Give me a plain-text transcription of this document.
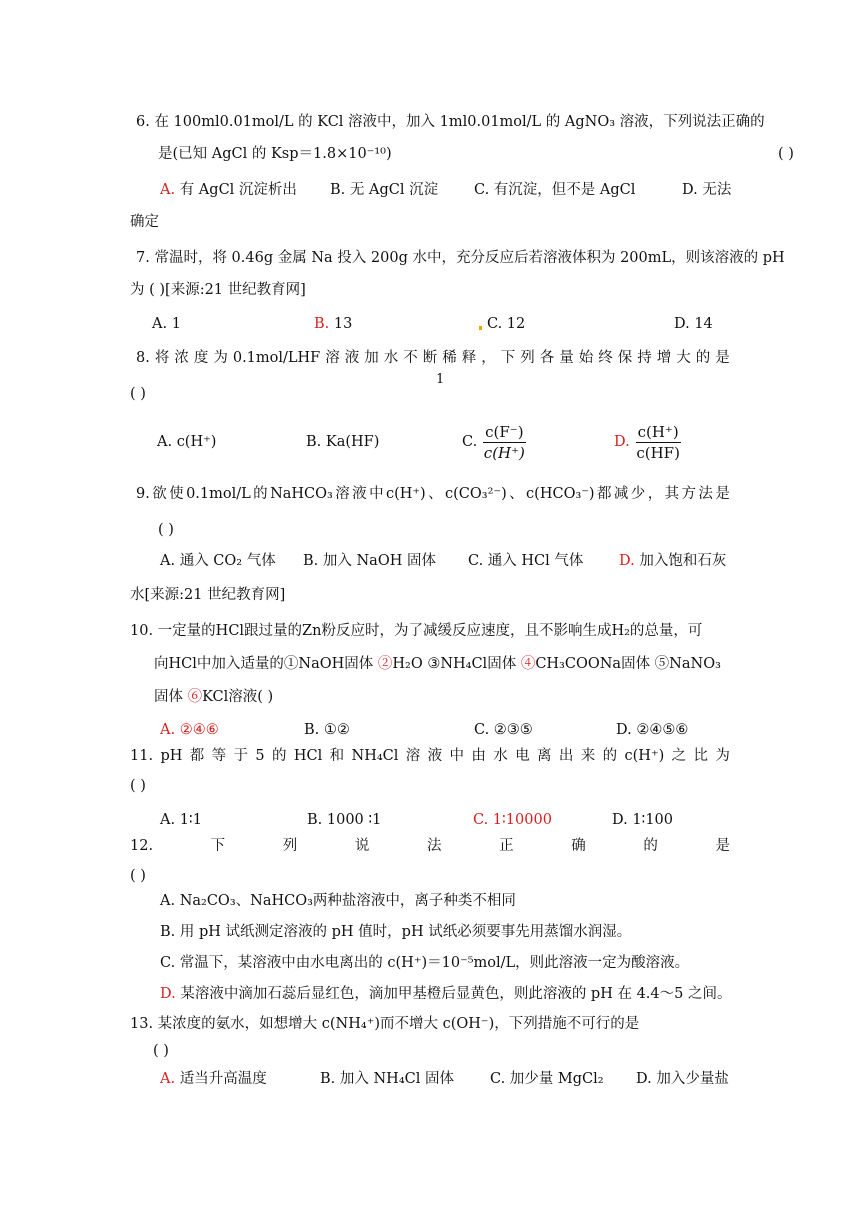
6. 在 100ml0.01mol/L 的 KCl 溶液中，加入 1ml0.01mol/L 的 AgNO₃ 溶液，下列说法正确的
是(已知 AgCl 的 Ksp＝1.8×10⁻¹⁰)	( )
A. 有 AgCl 沉淀析出 B. 无 AgCl 沉淀 C. 有沉淀，但不是 AgCl	D. 无法
确定
7. 常温时，将 0.46g 金属 Na 投入 200g 水中，充分反应后若溶液体积为 200mL，则该溶液的 pH
为 ( )[来源:21 世纪教育网]
A. 1	B. 13	C. 12	D. 14
8. 将 浓 度 为 0.1mol/LHF 溶 液 加 水 不 断 稀 释 ， 下 列 各 量 始 终 保 持 增 大 的 是
1
( )
A. c(H⁺)	B. Ka(HF)	C. $\frac{c(F^-)}{c(H^+)}$	D. $\frac{c(H^+)}{c(HF)}$
9. 欲 使 0.1mol/L 的 NaHCO₃ 溶 液 中 c(H⁺) 、 c(CO₃²⁻) 、 c(HCO₃⁻) 都 减 少 ， 其 方 法 是
( )
A. 通入 CO₂ 气体 B. 加入 NaOH 固体 C. 通入 HCl 气体 D. 加入饱和石灰
水[来源:21 世纪教育网]
10. 一定量的HCl跟过量的Zn粉反应时，为了减缓反应速度，且不影响生成H₂的总量，可
向HCl中加入适量的①NaOH固体 ②H₂O ③NH₄Cl固体 ④CH₃COONa固体 ⑤NaNO₃
固体 ⑥KCl溶液( )
A. ②④⑥	B. ①②	C. ②③⑤	D. ②④⑤⑥
11. pH 都 等 于 5 的 HCl 和 NH₄Cl 溶 液 中 由 水 电 离 出 来 的 c(H⁺) 之 比 为
( )
A. 1∶1	B. 1000 ∶1	C. 1∶10000	D. 1∶100
12.	下	列	说	法	正	确	的	是
( )
A. Na₂CO₃、NaHCO₃两种盐溶液中，离子种类不相同
B. 用 pH 试纸测定溶液的 pH 值时，pH 试纸必须要事先用蒸馏水润湿。
C. 常温下，某溶液中由水电离出的 c(H⁺)＝10⁻⁵mol/L，则此溶液一定为酸溶液。
D. 某溶液中滴加石蕊后显红色，滴加甲基橙后显黄色，则此溶液的 pH 在 4.4～5 之间。
13. 某浓度的氨水，如想增大 c(NH₄⁺)而不增大 c(OH⁻)，下列措施不可行的是
( )
A. 适当升高温度	B. 加入 NH₄Cl 固体 C. 加少量 MgCl₂ D. 加入少量盐
